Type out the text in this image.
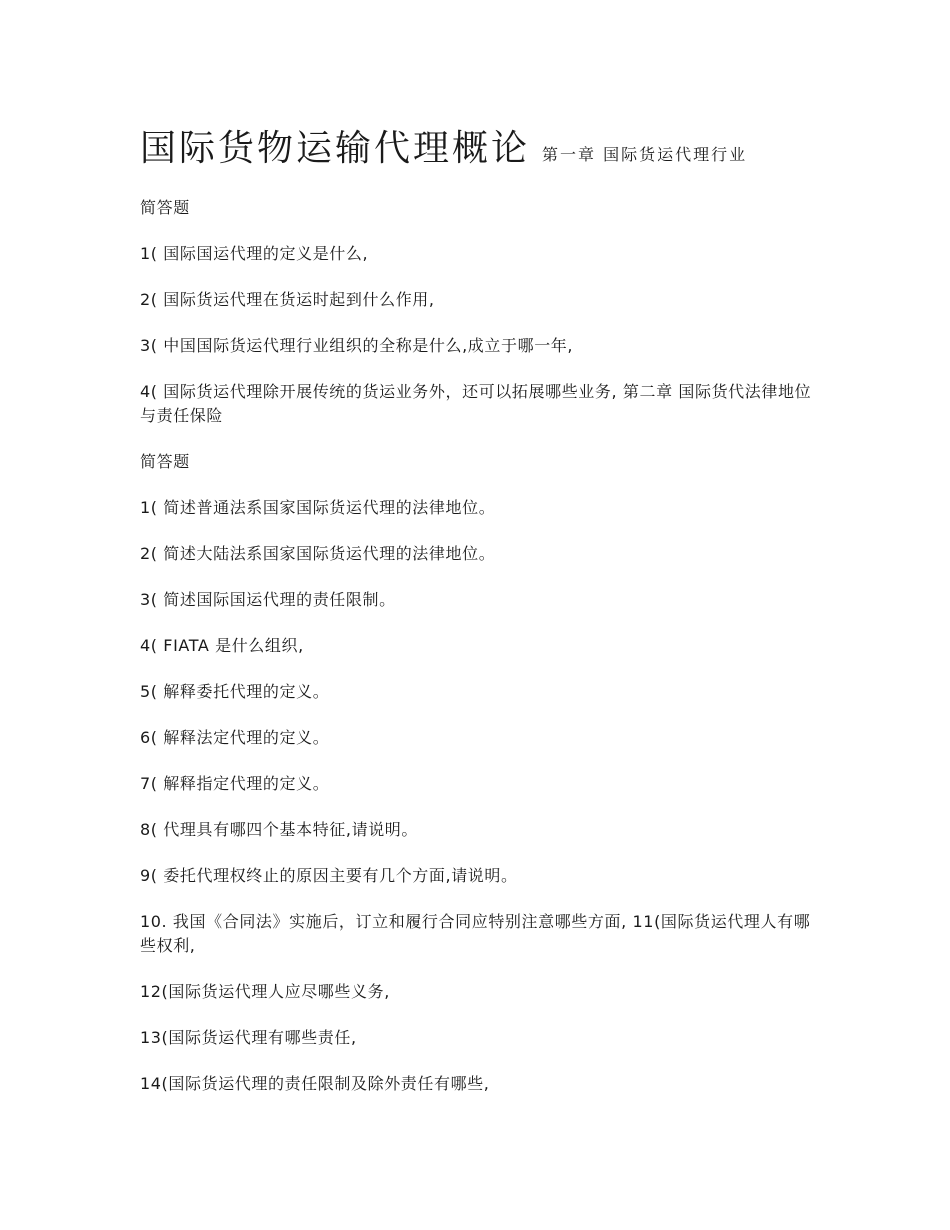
国际货物运输代理概论 第一章 国际货运代理行业

简答题

1( 国际国运代理的定义是什么,

2( 国际货运代理在货运时起到什么作用,

3( 中国国际货运代理行业组织的全称是什么,成立于哪一年,

4( 国际货运代理除开展传统的货运业务外，还可以拓展哪些业务, 第二章 国际货代法律地位与责任保险

简答题

1( 简述普通法系国家国际货运代理的法律地位。

2( 简述大陆法系国家国际货运代理的法律地位。

3( 简述国际国运代理的责任限制。

4( FIATA 是什么组织,

5( 解释委托代理的定义。

6( 解释法定代理的定义。

7( 解释指定代理的定义。

8( 代理具有哪四个基本特征,请说明。

9( 委托代理权终止的原因主要有几个方面,请说明。

10. 我国《合同法》实施后，订立和履行合同应特别注意哪些方面, 11(国际货运代理人有哪些权利,

12(国际货运代理人应尽哪些义务,

13(国际货运代理有哪些责任,

14(国际货运代理的责任限制及除外责任有哪些,
